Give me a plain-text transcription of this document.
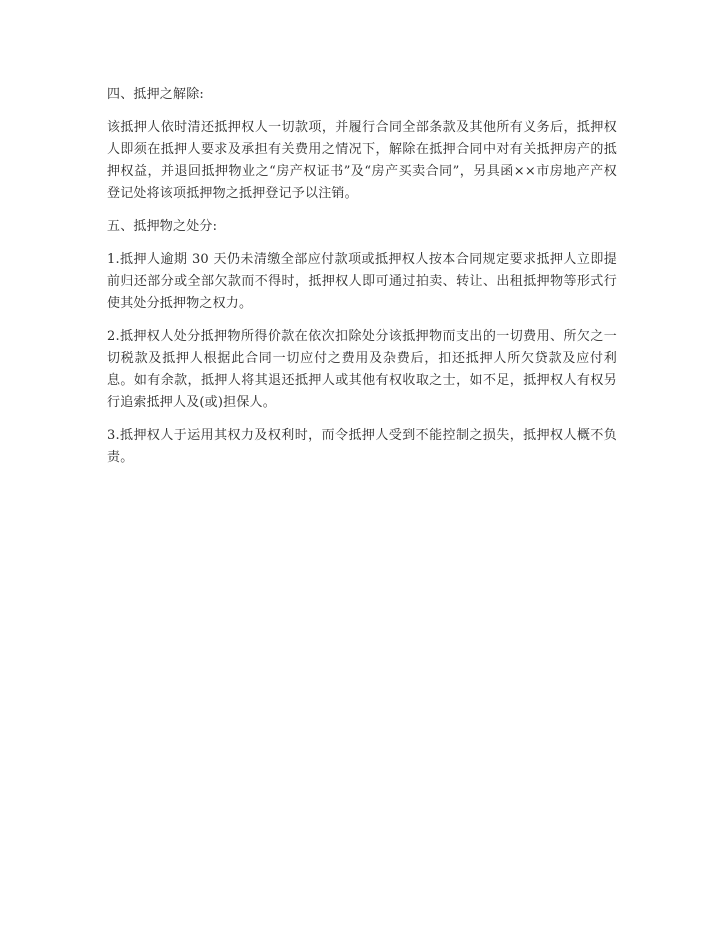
四、抵押之解除:

该抵押人依时清还抵押权人一切款项，并履行合同全部条款及其他所有义务后，抵押权人即须在抵押人要求及承担有关费用之情况下，解除在抵押合同中对有关抵押房产的抵押权益，并退回抵押物业之“房产权证书”及“房产买卖合同”，另具函××市房地产产权登记处将该项抵押物之抵押登记予以注销。

五、抵押物之处分:

1.抵押人逾期 30 天仍未清缴全部应付款项或抵押权人按本合同规定要求抵押人立即提前归还部分或全部欠款而不得时，抵押权人即可通过拍卖、转让、出租抵押物等形式行使其处分抵押物之权力。

2.抵押权人处分抵押物所得价款在依次扣除处分该抵押物而支出的一切费用、所欠之一切税款及抵押人根据此合同一切应付之费用及杂费后，扣还抵押人所欠贷款及应付利息。如有余款，抵押人将其退还抵押人或其他有权收取之士，如不足，抵押权人有权另行追索抵押人及(或)担保人。

3.抵押权人于运用其权力及权利时，而令抵押人受到不能控制之损失，抵押权人概不负责。
